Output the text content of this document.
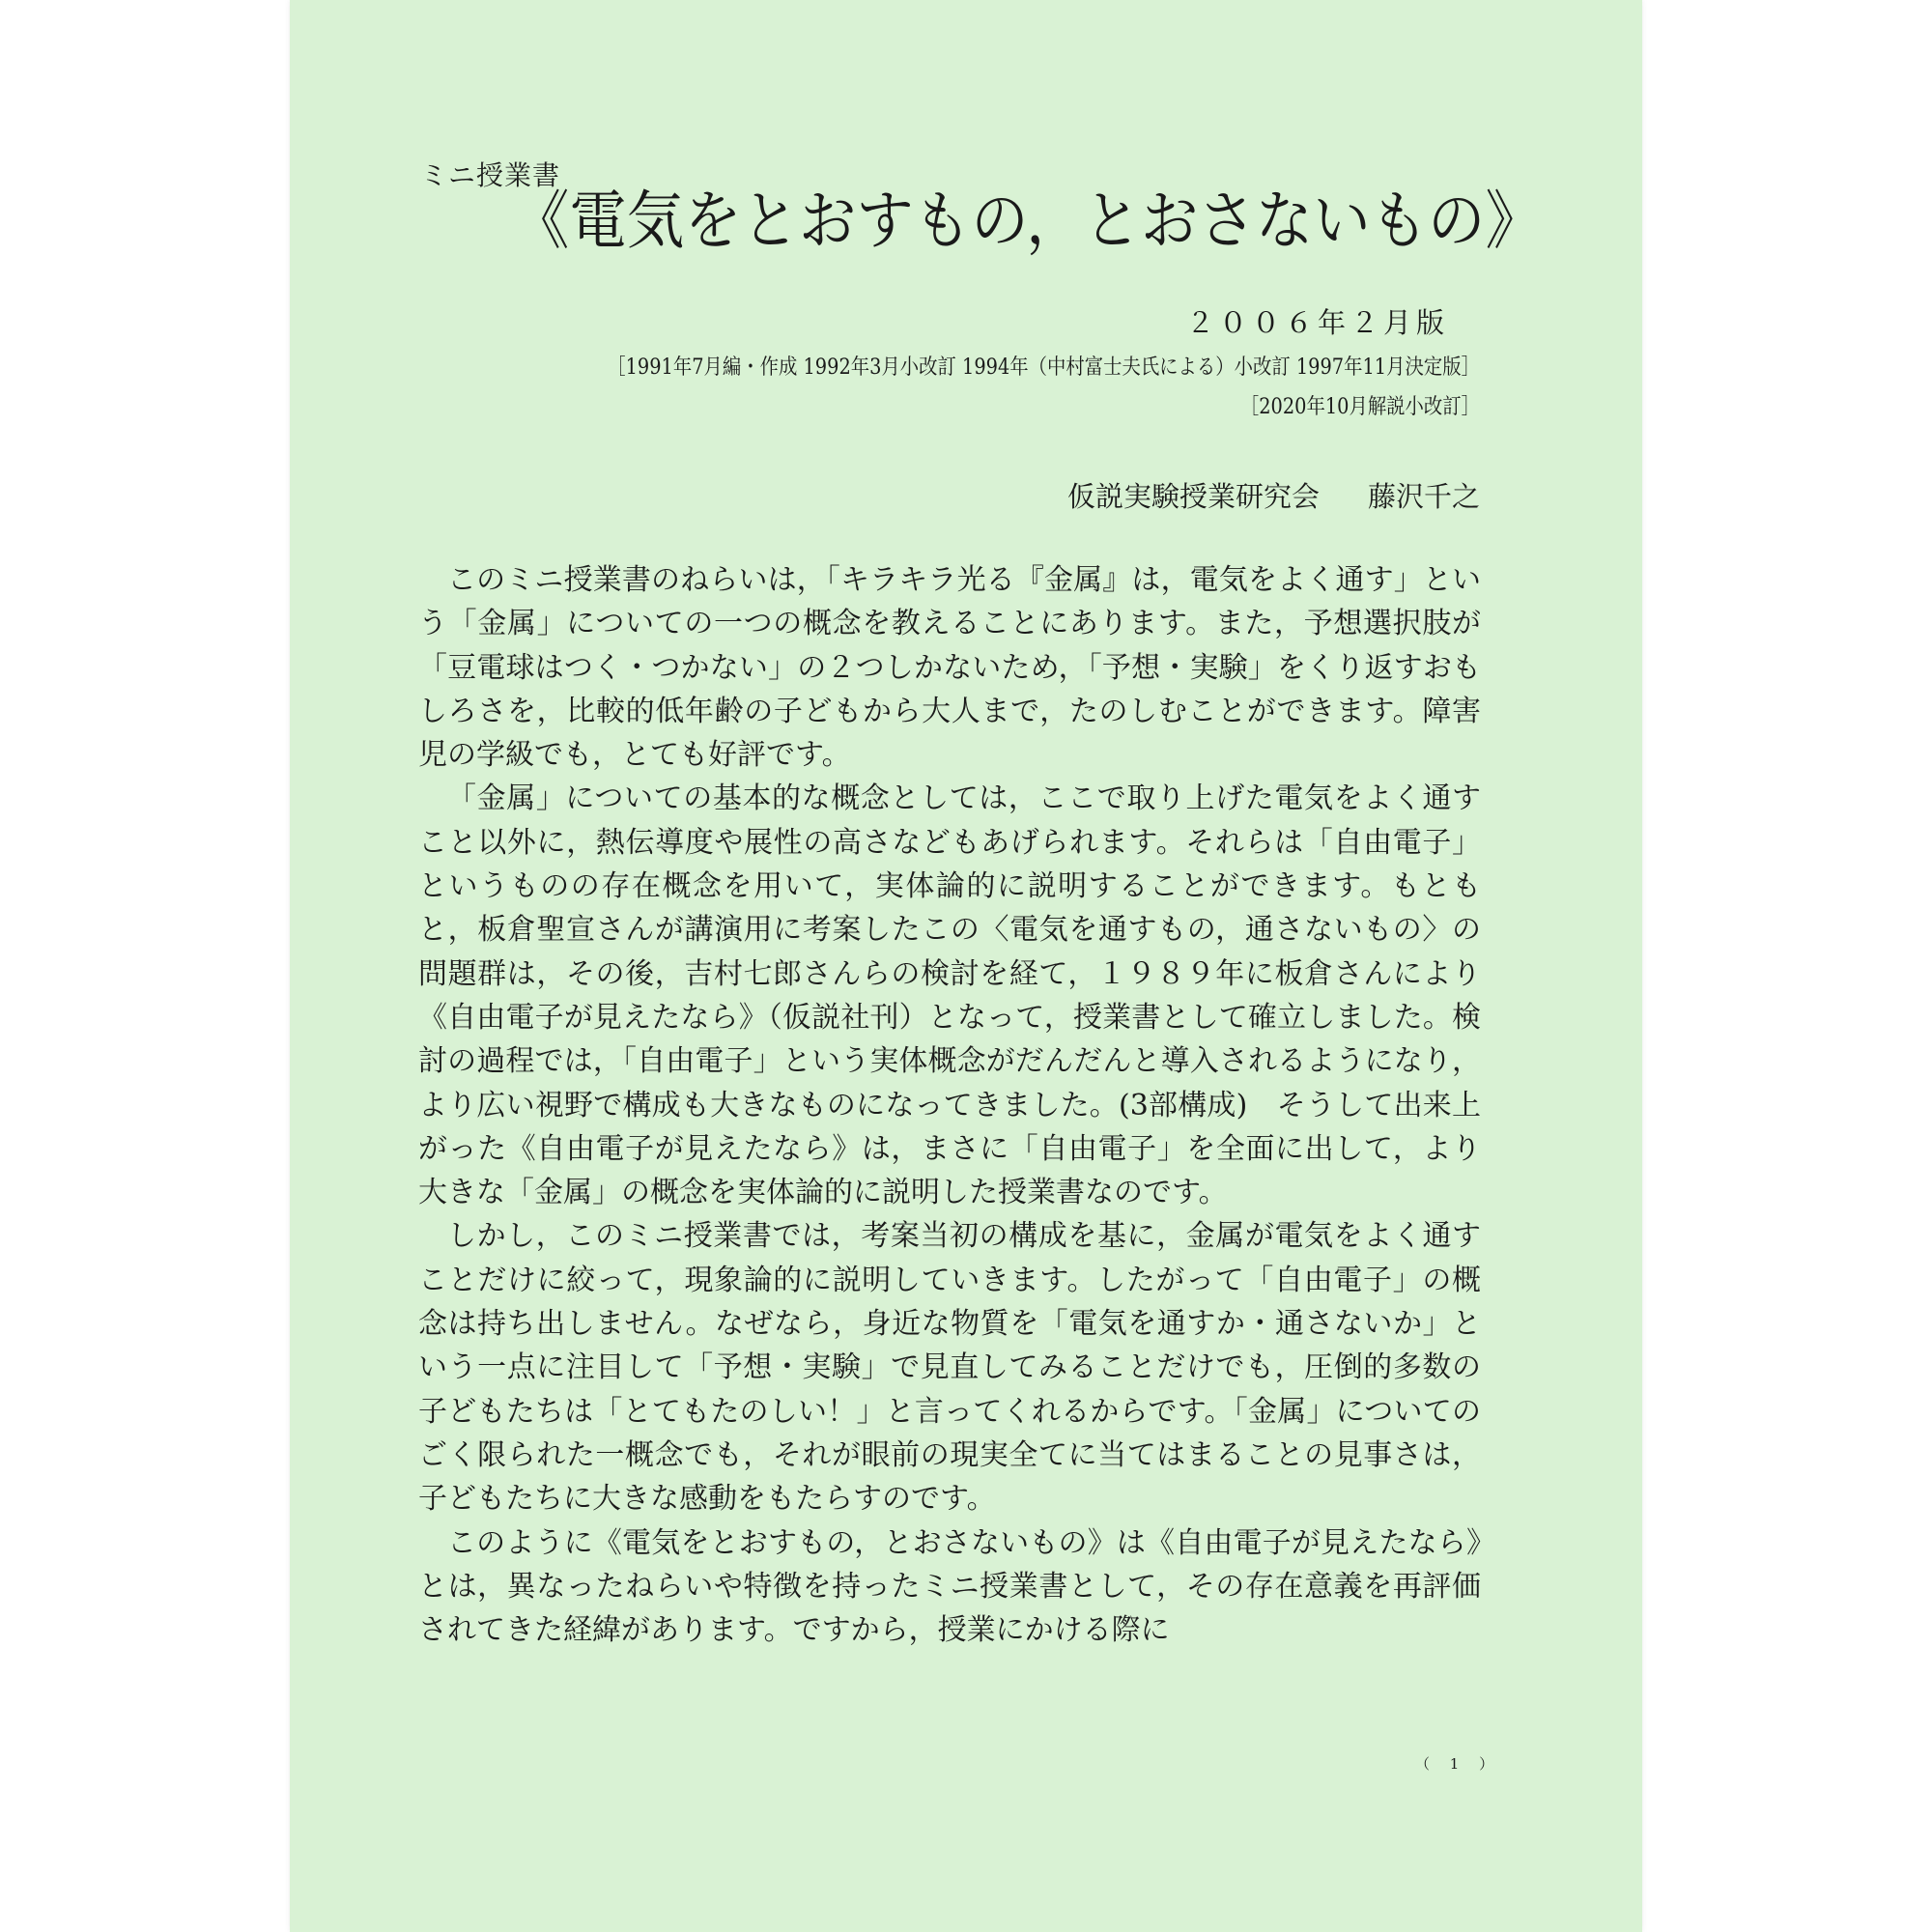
ミニ授業書
《電気をとおすもの，とおさないもの》
２００６年２月版
［1991年7月編・作成 1992年3月小改訂 1994年（中村富士夫氏による）小改訂 1997年11月決定版］
［2020年10月解説小改訂］
仮説実験授業研究会 藤沢千之

このミニ授業書のねらいは，「キラキラ光る『金属』は，電気をよく通す」という「金属」についての一つの概念を教えることにあります。また，予想選択肢が「豆電球はつく・つかない」の２つしかないため，「予想・実験」をくり返すおもしろさを，比較的低年齢の子どもから大人まで，たのしむことができます。障害児の学級でも，とても好評です。

「金属」についての基本的な概念としては，ここで取り上げた電気をよく通すこと以外に，熱伝導度や展性の高さなどもあげられます。それらは「自由電子」というものの存在概念を用いて，実体論的に説明することができます。もともと，板倉聖宣さんが講演用に考案したこの〈電気を通すもの，通さないもの〉の問題群は，その後，吉村七郎さんらの検討を経て，１９８９年に板倉さんにより《自由電子が見えたなら》（仮説社刊）となって，授業書として確立しました。検討の過程では，「自由電子」という実体概念がだんだんと導入されるようになり，より広い視野で構成も大きなものになってきました。(3部構成)　そうして出来上がった《自由電子が見えたなら》は，まさに「自由電子」を全面に出して，より大きな「金属」の概念を実体論的に説明した授業書なのです。

しかし，このミニ授業書では，考案当初の構成を基に，金属が電気をよく通すことだけに絞って，現象論的に説明していきます。したがって「自由電子」の概念は持ち出しません。なぜなら，身近な物質を「電気を通すか・通さないか」という一点に注目して「予想・実験」で見直してみることだけでも，圧倒的多数の子どもたちは「とてもたのしい！」と言ってくれるからです。「金属」についてのごく限られた一概念でも，それが眼前の現実全てに当てはまることの見事さは，子どもたちに大きな感動をもたらすのです。

このように《電気をとおすもの，とおさないもの》は《自由電子が見えたなら》とは，異なったねらいや特徴を持ったミニ授業書として，その存在意義を再評価されてきた経緯があります。ですから，授業にかける際に

（ 1 ）
